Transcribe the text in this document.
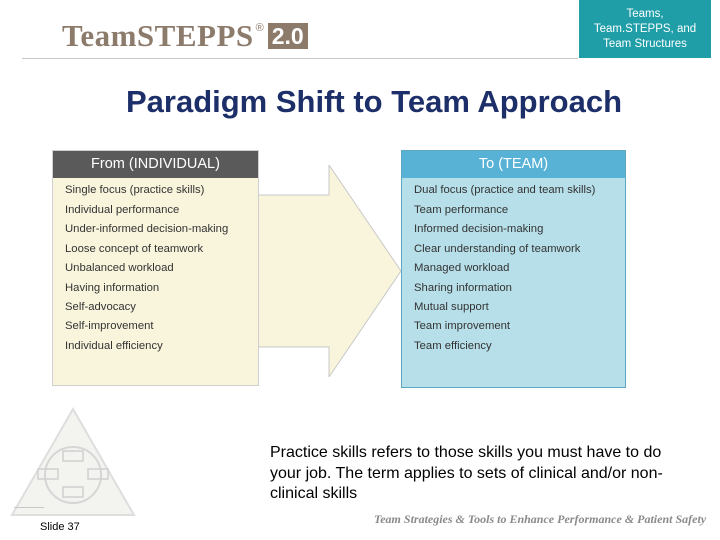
TeamSTEPPS ® 2.0
Teams,
Team.STEPPS, and
Team Structures
Paradigm Shift to Team Approach
From (INDIVIDUAL)	To (TEAM)
Single focus (practice skills)
Individual performance
Under-informed decision-making
Loose concept of teamwork
Unbalanced workload
Having information
Self-advocacy
Self-improvement
Individual efficiency
Dual focus (practice and team skills)
Team performance
Informed decision-making
Clear understanding of teamwork
Managed workload
Sharing information
Mutual support
Team improvement
Team efficiency
Slide 37
Practice skills refers to those skills you must have to do your job. The term applies to sets of clinical and/or non-clinical skills
Team Strategies & Tools to Enhance Performance & Patient Safety
